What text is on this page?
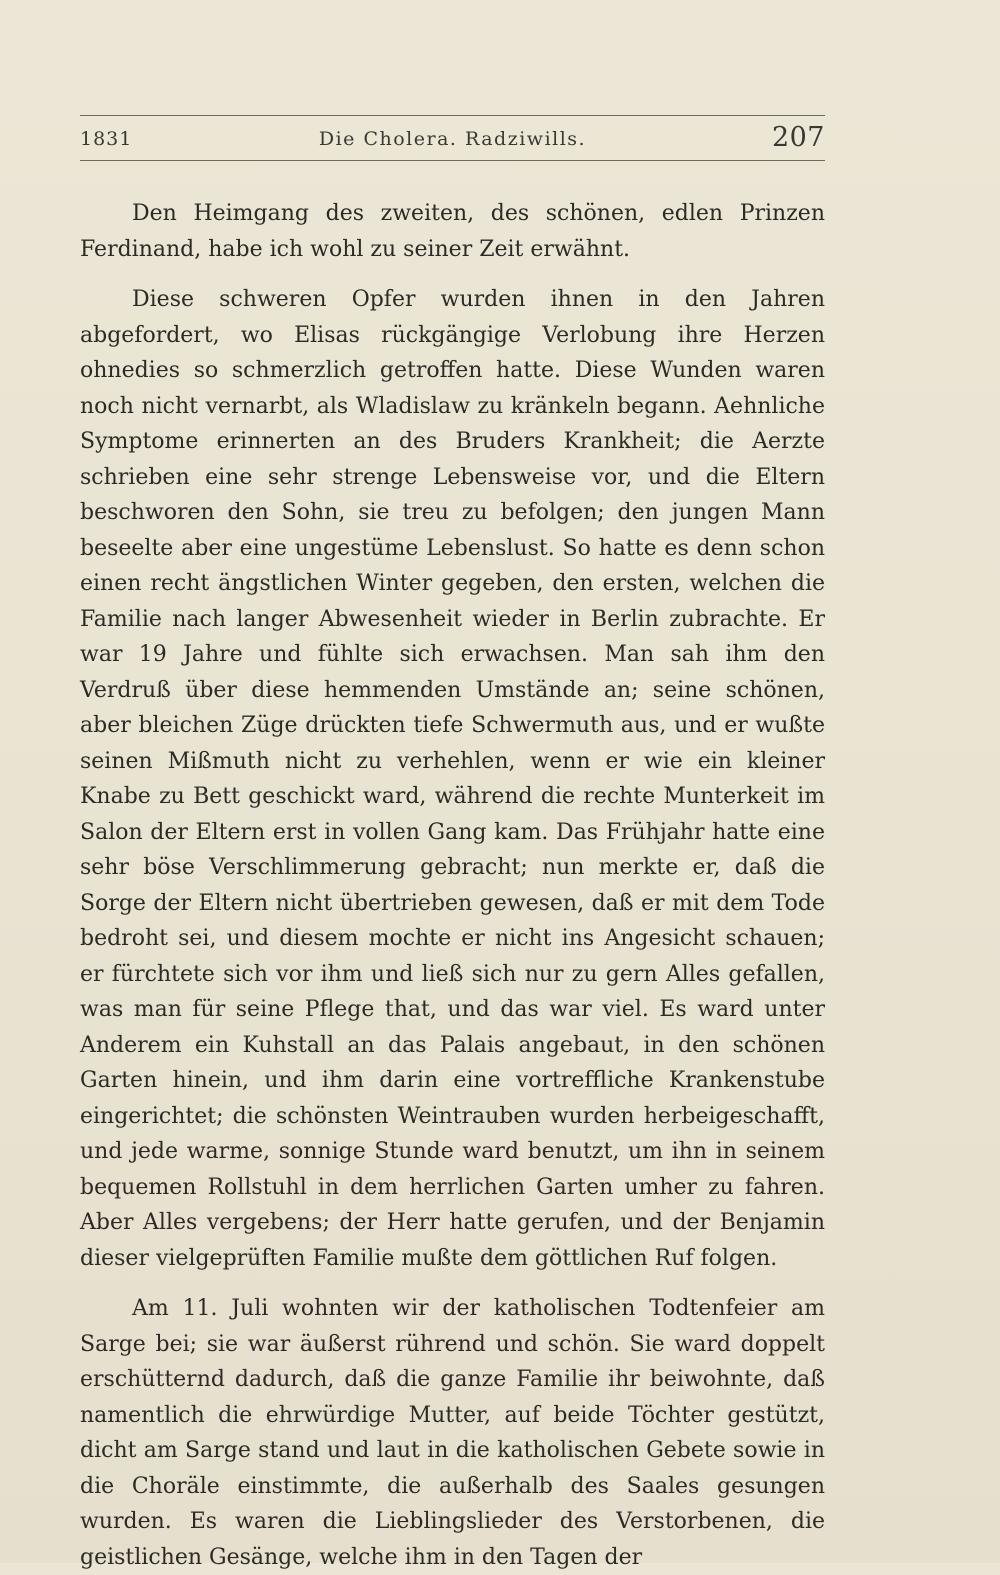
1831	Die Cholera. Radziwills.	207

Den Heimgang des zweiten, des schönen, edlen Prinzen Ferdinand, habe ich wohl zu seiner Zeit erwähnt.

Diese schweren Opfer wurden ihnen in den Jahren abgefordert, wo Elisas rückgängige Verlobung ihre Herzen ohnedies so schmerzlich getroffen hatte. Diese Wunden waren noch nicht vernarbt, als Wladislaw zu kränkeln begann. Aehnliche Symptome erinnerten an des Bruders Krankheit; die Aerzte schrieben eine sehr strenge Lebensweise vor, und die Eltern beschworen den Sohn, sie treu zu befolgen; den jungen Mann beseelte aber eine ungestüme Lebenslust. So hatte es denn schon einen recht ängstlichen Winter gegeben, den ersten, welchen die Familie nach langer Abwesenheit wieder in Berlin zubrachte. Er war 19 Jahre und fühlte sich erwachsen. Man sah ihm den Verdruß über diese hemmenden Umstände an; seine schönen, aber bleichen Züge drückten tiefe Schwermuth aus, und er wußte seinen Mißmuth nicht zu verhehlen, wenn er wie ein kleiner Knabe zu Bett geschickt ward, während die rechte Munterkeit im Salon der Eltern erst in vollen Gang kam. Das Frühjahr hatte eine sehr böse Verschlimmerung gebracht; nun merkte er, daß die Sorge der Eltern nicht übertrieben gewesen, daß er mit dem Tode bedroht sei, und diesem mochte er nicht ins Angesicht schauen; er fürchtete sich vor ihm und ließ sich nur zu gern Alles gefallen, was man für seine Pflege that, und das war viel. Es ward unter Anderem ein Kuhstall an das Palais angebaut, in den schönen Garten hinein, und ihm darin eine vortreffliche Krankenstube eingerichtet; die schönsten Weintrauben wurden herbeigeschafft, und jede warme, sonnige Stunde ward benutzt, um ihn in seinem bequemen Rollstuhl in dem herrlichen Garten umher zu fahren. Aber Alles vergebens; der Herr hatte gerufen, und der Benjamin dieser vielgeprüften Familie mußte dem göttlichen Ruf folgen.

Am 11. Juli wohnten wir der katholischen Todtenfeier am Sarge bei; sie war äußerst rührend und schön. Sie ward doppelt erschütternd dadurch, daß die ganze Familie ihr beiwohnte, daß namentlich die ehrwürdige Mutter, auf beide Töchter gestützt, dicht am Sarge stand und laut in die katholischen Gebete sowie in die Choräle einstimmte, die außerhalb des Saales gesungen wurden. Es waren die Lieblingslieder des Verstorbenen, die geistlichen Gesänge, welche ihm in den Tagen der
